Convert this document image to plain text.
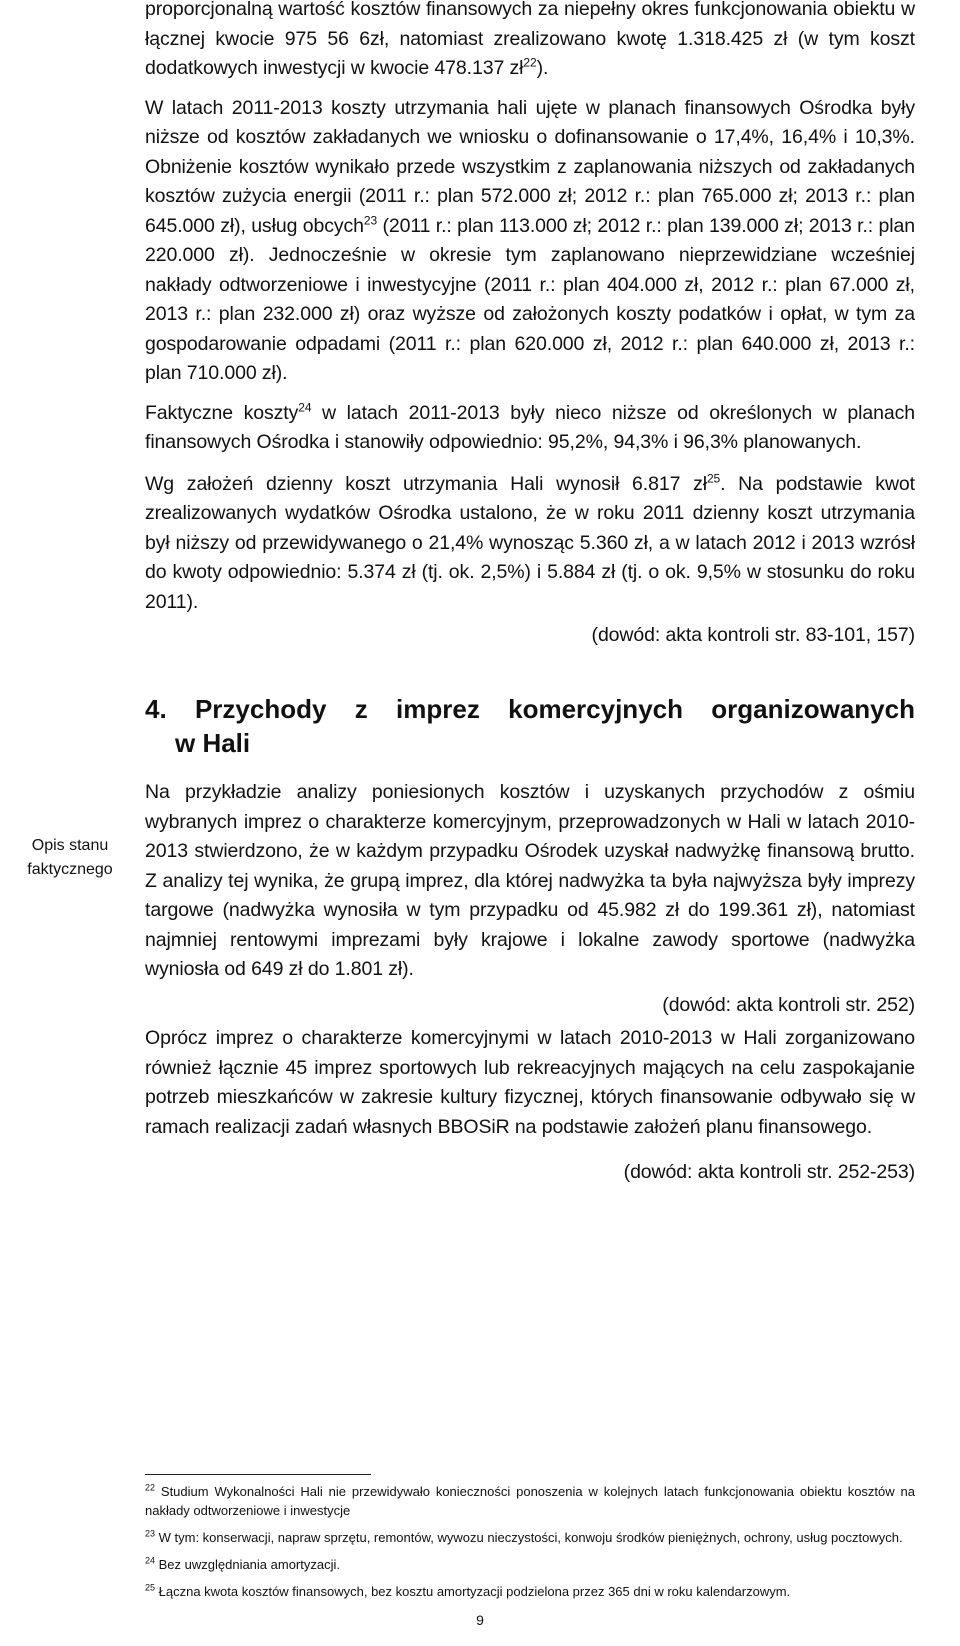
proporcjonalną wartość kosztów finansowych za niepełny okres funkcjonowania obiektu w łącznej kwocie 975 56 6zł, natomiast zrealizowano kwotę 1.318.425 zł (w tym koszt dodatkowych inwestycji w kwocie 478.137 $zł^{22}$).

W latach 2011-2013 koszty utrzymania hali ujęte w planach finansowych Ośrodka były niższe od kosztów zakładanych we wniosku o dofinansowanie o 17,4%, 16,4% i 10,3%. Obniżenie kosztów wynikało przede wszystkim z zaplanowania niższych od zakładanych kosztów zużycia energii (2011 r.: plan 572.000 zł; 2012 r.: plan 765.000 zł; 2013 r.: plan 645.000 zł), usług obcych$^{23}$ (2011 r.: plan 113.000 zł; 2012 r.: plan 139.000 zł; 2013 r.: plan 220.000 zł). Jednocześnie w okresie tym zaplanowano nieprzewidziane wcześniej nakłady odtworzeniowe i inwestycyjne (2011 r.: plan 404.000 zł, 2012 r.: plan 67.000 zł, 2013 r.: plan 232.000 zł) oraz wyższe od założonych koszty podatków i opłat, w tym za gospodarowanie odpadami (2011 r.: plan 620.000 zł, 2012 r.: plan 640.000 zł, 2013 r.: plan 710.000 zł).

Faktyczne koszty$^{24}$ w latach 2011-2013 były nieco niższe od określonych w planach finansowych Ośrodka i stanowiły odpowiednio: 95,2%, 94,3% i 96,3% planowanych.

Wg założeń dzienny koszt utrzymania Hali wynosił 6.817 $zł^{25}$. Na podstawie kwot zrealizowanych wydatków Ośrodka ustalono, że w roku 2011 dzienny koszt utrzymania był niższy od przewidywanego o 21,4% wynosząc 5.360 zł, a w latach 2012 i 2013 wzrósł do kwoty odpowiednio: 5.374 zł (tj. ok. 2,5%) i 5.884 zł (tj. o ok. 9,5% w stosunku do roku 2011).

(dowód: akta kontroli str. 83-101, 157)

4. Przychody z imprez komercyjnych organizowanych
w Hali
Opis stanu faktycznego

Na przykładzie analizy poniesionych kosztów i uzyskanych przychodów z ośmiu wybranych imprez o charakterze komercyjnym, przeprowadzonych w Hali w latach 2010-2013 stwierdzono, że w każdym przypadku Ośrodek uzyskał nadwyżkę finansową brutto. Z analizy tej wynika, że grupą imprez, dla której nadwyżka ta była najwyższa były imprezy targowe (nadwyżka wynosiła w tym przypadku od 45.982 zł do 199.361 zł), natomiast najmniej rentowymi imprezami były krajowe i lokalne zawody sportowe (nadwyżka wyniosła od 649 zł do 1.801 zł).

(dowód: akta kontroli str. 252)

Oprócz imprez o charakterze komercyjnymi w latach 2010-2013 w Hali zorganizowano również łącznie 45 imprez sportowych lub rekreacyjnych mających na celu zaspokajanie potrzeb mieszkańców w zakresie kultury fizycznej, których finansowanie odbywało się w ramach realizacji zadań własnych BBOSiR na podstawie założeń planu finansowego.

(dowód: akta kontroli str. 252-253)

$^{22}$ Studium Wykonalności Hali nie przewidywało konieczności ponoszenia w kolejnych latach funkcjonowania obiektu kosztów na nakłady odtworzeniowe i inwestycje

$^{23}$ W tym: konserwacji, napraw sprzętu, remontów, wywozu nieczystości, konwoju środków pieniężnych, ochrony, usług pocztowych.

$^{24}$ Bez uwzględniania amortyzacji.

$^{25}$ Łączna kwota kosztów finansowych, bez kosztu amortyzacji podzielona przez 365 dni w roku kalendarzowym.

9
